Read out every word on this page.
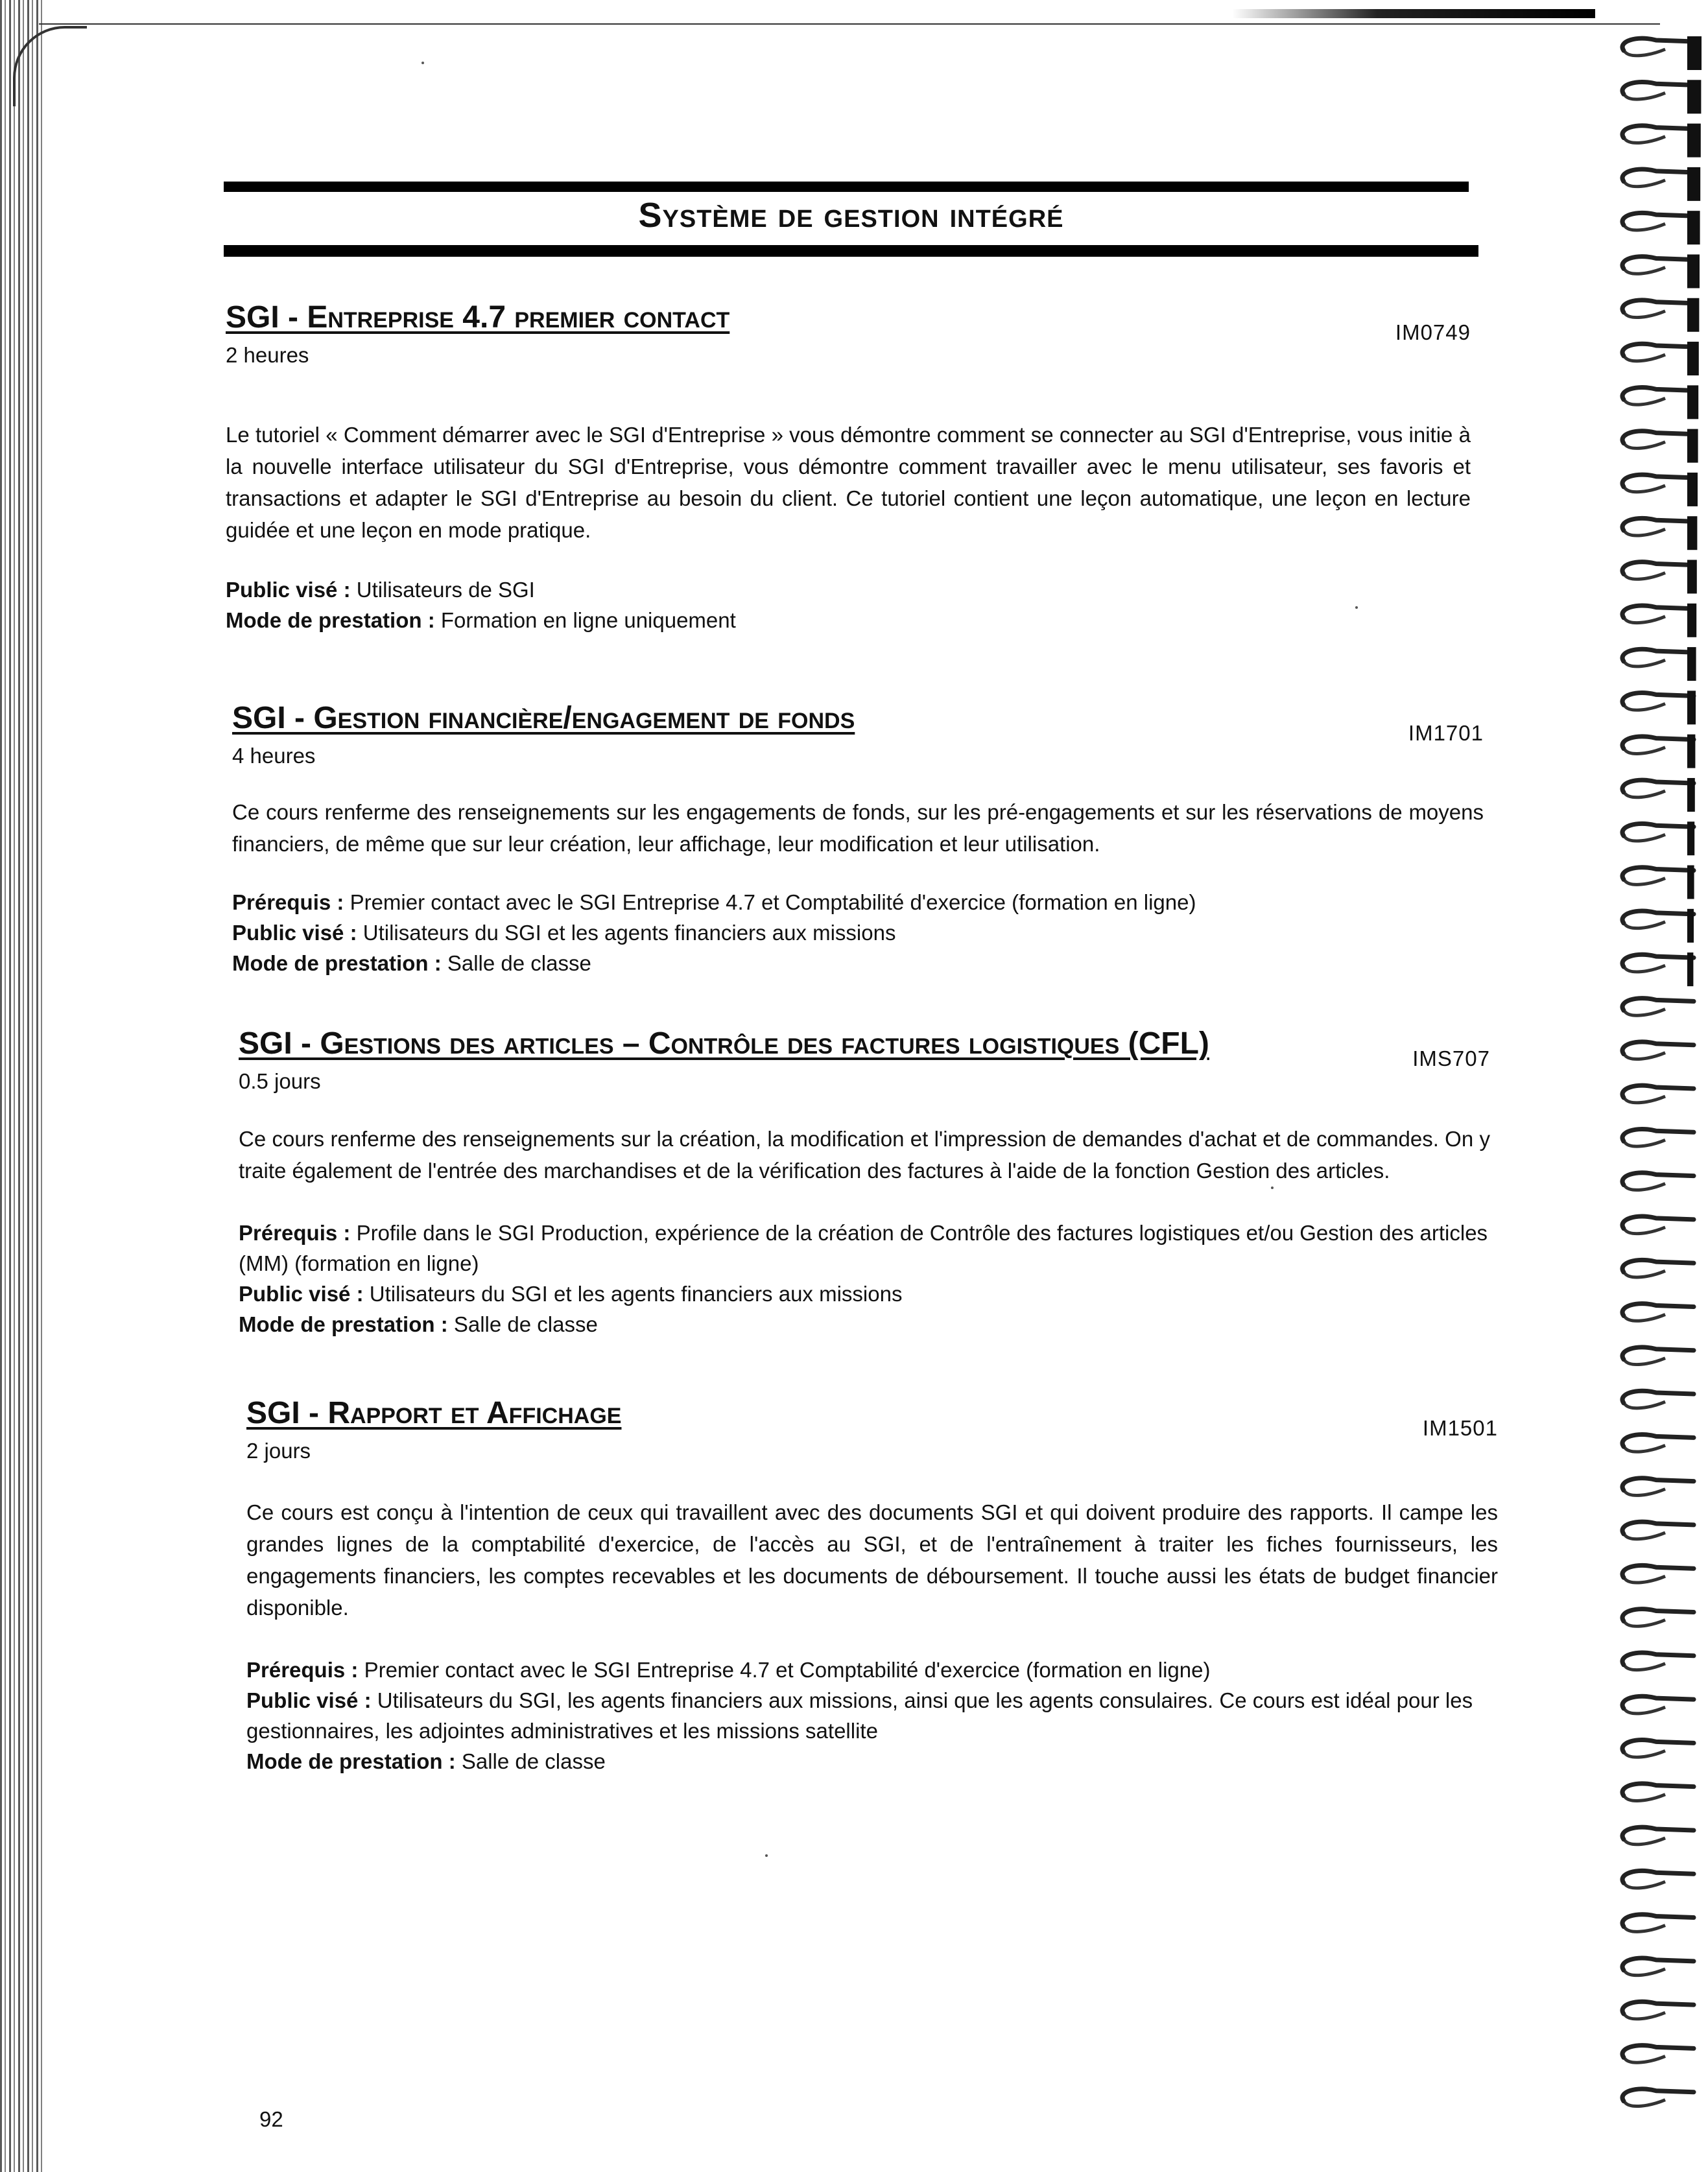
Système de gestion intégré
SGI - Entreprise 4.7 premier contact	IM0749
2 heures

Le tutoriel « Comment démarrer avec le SGI d'Entreprise » vous démontre comment se connecter au SGI d'Entreprise, vous initie à la nouvelle interface utilisateur du SGI d'Entreprise, vous démontre comment travailler avec le menu utilisateur, ses favoris et transactions et adapter le SGI d'Entreprise au besoin du client. Ce tutoriel contient une leçon automatique, une leçon en lecture guidée et une leçon en mode pratique.

Public visé : Utilisateurs de SGI
Mode de prestation : Formation en ligne uniquement
SGI - Gestion financière/engagement de fonds	IM1701
4 heures

Ce cours renferme des renseignements sur les engagements de fonds, sur les pré-engagements et sur les réservations de moyens financiers, de même que sur leur création, leur affichage, leur modification et leur utilisation.

Prérequis : Premier contact avec le SGI Entreprise 4.7 et Comptabilité d'exercice (formation en ligne)
Public visé : Utilisateurs du SGI et les agents financiers aux missions
Mode de prestation : Salle de classe
SGI - Gestions des articles – Contrôle des factures logistiques (CFL)	IMS707
0.5 jours

Ce cours renferme des renseignements sur la création, la modification et l'impression de demandes d'achat et de commandes. On y traite également de l'entrée des marchandises et de la vérification des factures à l'aide de la fonction Gestion des articles.

Prérequis : Profile dans le SGI Production, expérience de la création de Contrôle des factures logistiques et/ou Gestion des articles (MM) (formation en ligne)
Public visé : Utilisateurs du SGI et les agents financiers aux missions
Mode de prestation : Salle de classe
SGI - Rapport et Affichage	IM1501
2 jours

Ce cours est conçu à l'intention de ceux qui travaillent avec des documents SGI et qui doivent produire des rapports. Il campe les grandes lignes de la comptabilité d'exercice, de l'accès au SGI, et de l'entraînement à traiter les fiches fournisseurs, les engagements financiers, les comptes recevables et les documents de déboursement. Il touche aussi les états de budget financier disponible.

Prérequis : Premier contact avec le SGI Entreprise 4.7 et Comptabilité d'exercice (formation en ligne)
Public visé : Utilisateurs du SGI, les agents financiers aux missions, ainsi que les agents consulaires. Ce cours est idéal pour les gestionnaires, les adjointes administratives et les missions satellite
Mode de prestation : Salle de classe
92
